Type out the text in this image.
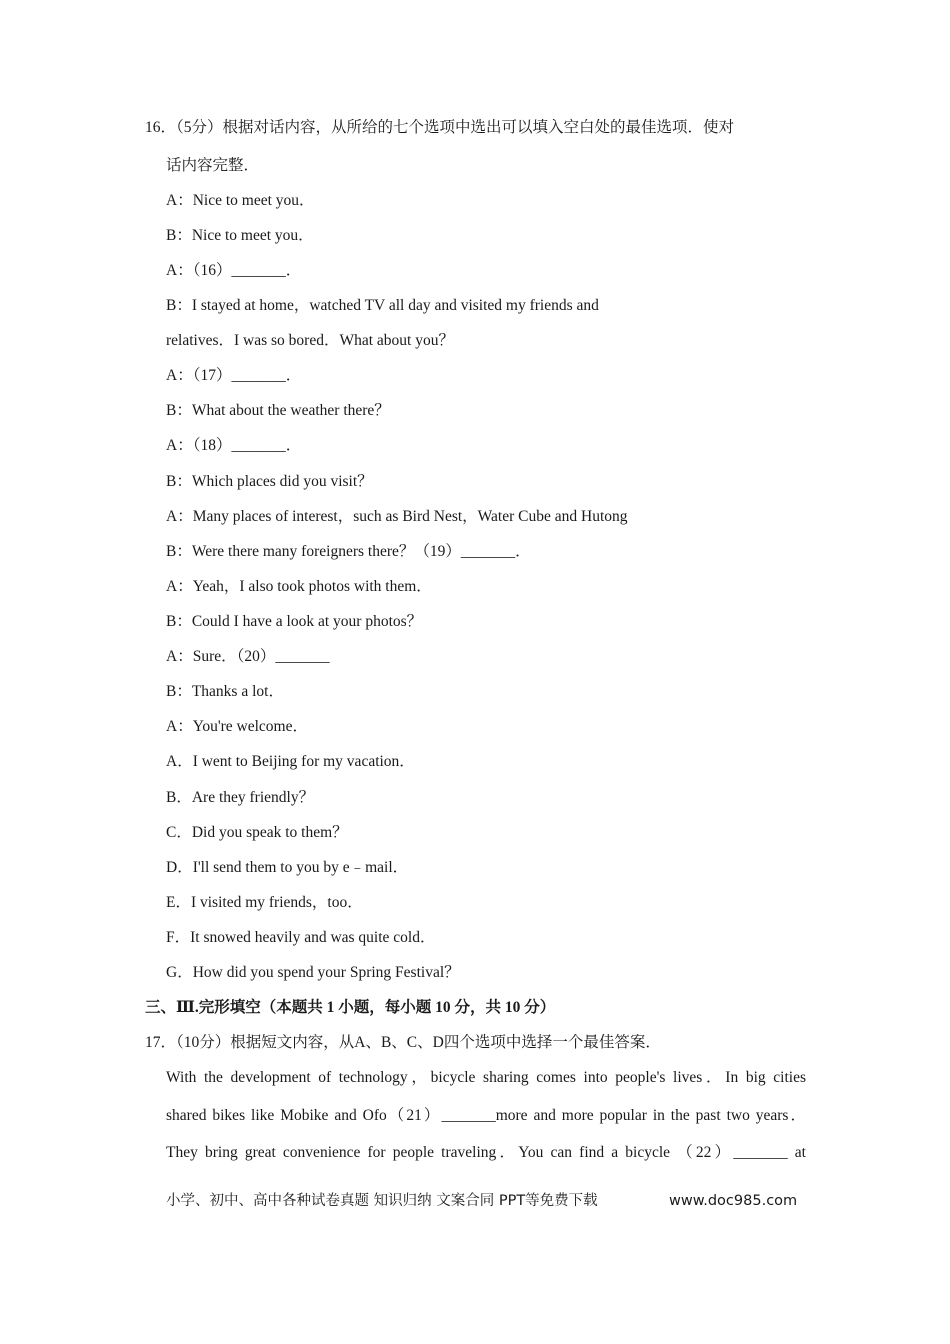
16．（5分）根据对话内容，从所给的七个选项中选出可以填入空白处的最佳选项．使对
话内容完整．
A：Nice to meet you．
B：Nice to meet you．
A：（16）_______．
B：I stayed at home，watched TV all day and visited my friends and
relatives．I was so bored．What about you？
A：（17）_______．
B：What about the weather there？
A：（18）_______．
B：Which places did you visit？
A：Many places of interest，such as Bird Nest，Water Cube and Hutong
B：Were there many foreigners there？（19）_______．
A：Yeah，I also took photos with them．
B：Could I have a look at your photos？
A：Sure．（20）_______
B：Thanks a lot．
A：You're welcome．
A．I went to Beijing for my vacation．
B．Are they friendly？
C．Did you speak to them？
D．I'll send them to you by e﹣mail．
E．I visited my friends，too．
F．It snowed heavily and was quite cold．
G．How did you spend your Spring Festival？
三、Ⅲ.完形填空（本题共 1 小题，每小题 10 分，共 10 分）
17．（10分）根据短文内容，从A、B、C、D四个选项中选择一个最佳答案．
With the development of technology，bicycle sharing comes into people's lives．In big cities
shared bikes like Mobike and Ofo（21）_______more and more popular in the past two years．
They bring great convenience for people traveling．You can find a bicycle （22）_______ at
小学、初中、高中各种试卷真题 知识归纳 文案合同 PPT等免费下载	www.doc985.com
